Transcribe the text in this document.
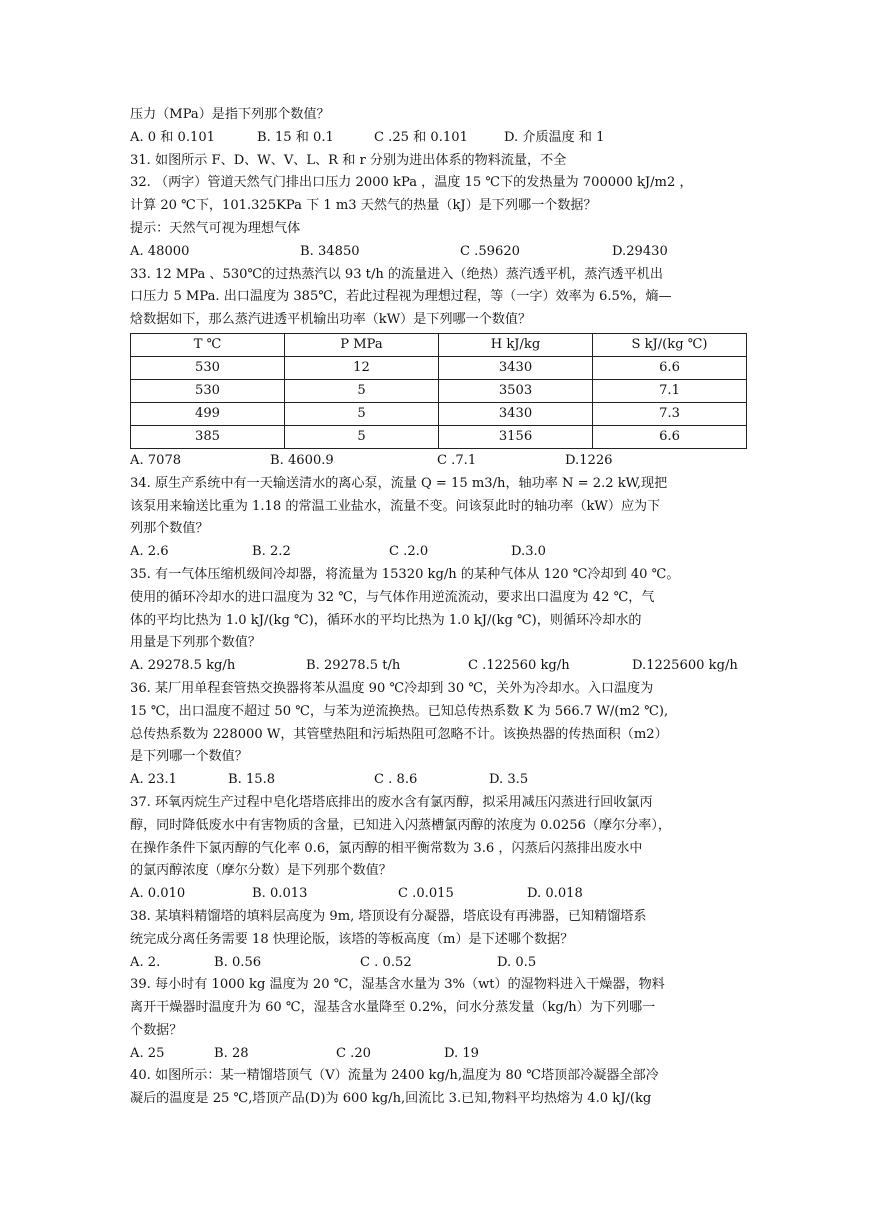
压力（MPa）是指下列那个数值？
A. 0 和 0.101	B. 15 和 0.1	C .25 和 0.101	D. 介质温度 和 1
31. 如图所示 F、D、W、V、L、R 和 r 分别为进出体系的物料流量，不全
32. （两字）管道天然气门排出口压力 2000 kPa ，温度 15 ℃下的发热量为 700000 kJ/m2 ，
计算 20 ℃下，101.325KPa 下 1 m3 天然气的热量（kJ）是下列哪一个数据？
提示：天然气可视为理想气体
A. 48000	B. 34850	C .59620	D.29430
33. 12 MPa 、530℃的过热蒸汽以 93 t/h 的流量进入（绝热）蒸汽透平机，蒸汽透平机出
口压力 5 MPa. 出口温度为 385℃，若此过程视为理想过程，等（一字）效率为 6.5%，熵—
焓数据如下，那么蒸汽进透平机输出功率（kW）是下列哪一个数值？
T ℃	P MPa	H kJ/kg	S kJ/(kg ℃)
530	12	3430	6.6
530	5	3503	7.1
499	5	3430	7.3
385	5	3156	6.6
A. 7078	B. 4600.9	C .7.1	D.1226
34. 原生产系统中有一天输送清水的离心泵，流量 Q = 15 m3/h，轴功率 N = 2.2 kW,现把
该泵用来输送比重为 1.18 的常温工业盐水，流量不变。问该泵此时的轴功率（kW）应为下
列那个数值？
A. 2.6	B. 2.2	C .2.0	D.3.0
35. 有一气体压缩机级间冷却器，将流量为 15320 kg/h 的某种气体从 120 ℃冷却到 40 ℃。
使用的循环冷却水的进口温度为 32 ℃，与气体作用逆流流动，要求出口温度为 42 ℃，气
体的平均比热为 1.0 kJ/(kg ℃)，循环水的平均比热为 1.0 kJ/(kg ℃)，则循环冷却水的
用量是下列那个数值？
A. 29278.5 kg/h	B. 29278.5 t/h	C .122560 kg/h	D.1225600 kg/h
36. 某厂用单程套管热交换器将苯从温度 90 ℃冷却到 30 ℃，关外为冷却水。入口温度为
15 ℃，出口温度不超过 50 ℃，与苯为逆流换热。已知总传热系数 K 为 566.7 W/(m2 ℃),
总传热系数为 228000 W，其管壁热阻和污垢热阻可忽略不计。该换热器的传热面积（m2）
是下列哪一个数值？
A. 23.1	B. 15.8	C . 8.6	D. 3.5
37. 环氧丙烷生产过程中皂化塔塔底排出的废水含有氯丙醇，拟采用减压闪蒸进行回收氯丙
醇，同时降低废水中有害物质的含量，已知进入闪蒸槽氯丙醇的浓度为 0.0256（摩尔分率），
在操作条件下氯丙醇的气化率 0.6，氯丙醇的相平衡常数为 3.6 ，闪蒸后闪蒸排出废水中
的氯丙醇浓度（摩尔分数）是下列那个数值？
A. 0.010	B. 0.013	C .0.015	D. 0.018
38. 某填料精馏塔的填料层高度为 9m, 塔顶设有分凝器，塔底设有再沸器，已知精馏塔系
统完成分离任务需要 18 快理论版，该塔的等板高度（m）是下述哪个数据？
A. 2.	B. 0.56	C . 0.52	D. 0.5
39. 每小时有 1000 kg 温度为 20 ℃，湿基含水量为 3%（wt）的湿物料进入干燥器，物料
离开干燥器时温度升为 60 ℃，湿基含水量降至 0.2%，问水分蒸发量（kg/h）为下列哪一
个数据？
A. 25	B. 28	C .20	D. 19
40. 如图所示：某一精馏塔顶气（V）流量为 2400 kg/h,温度为 80 ℃塔顶部冷凝器全部冷
凝后的温度是 25 ℃,塔顶产品(D)为 600 kg/h,回流比 3.已知,物料平均热熔为 4.0 kJ/(kg
